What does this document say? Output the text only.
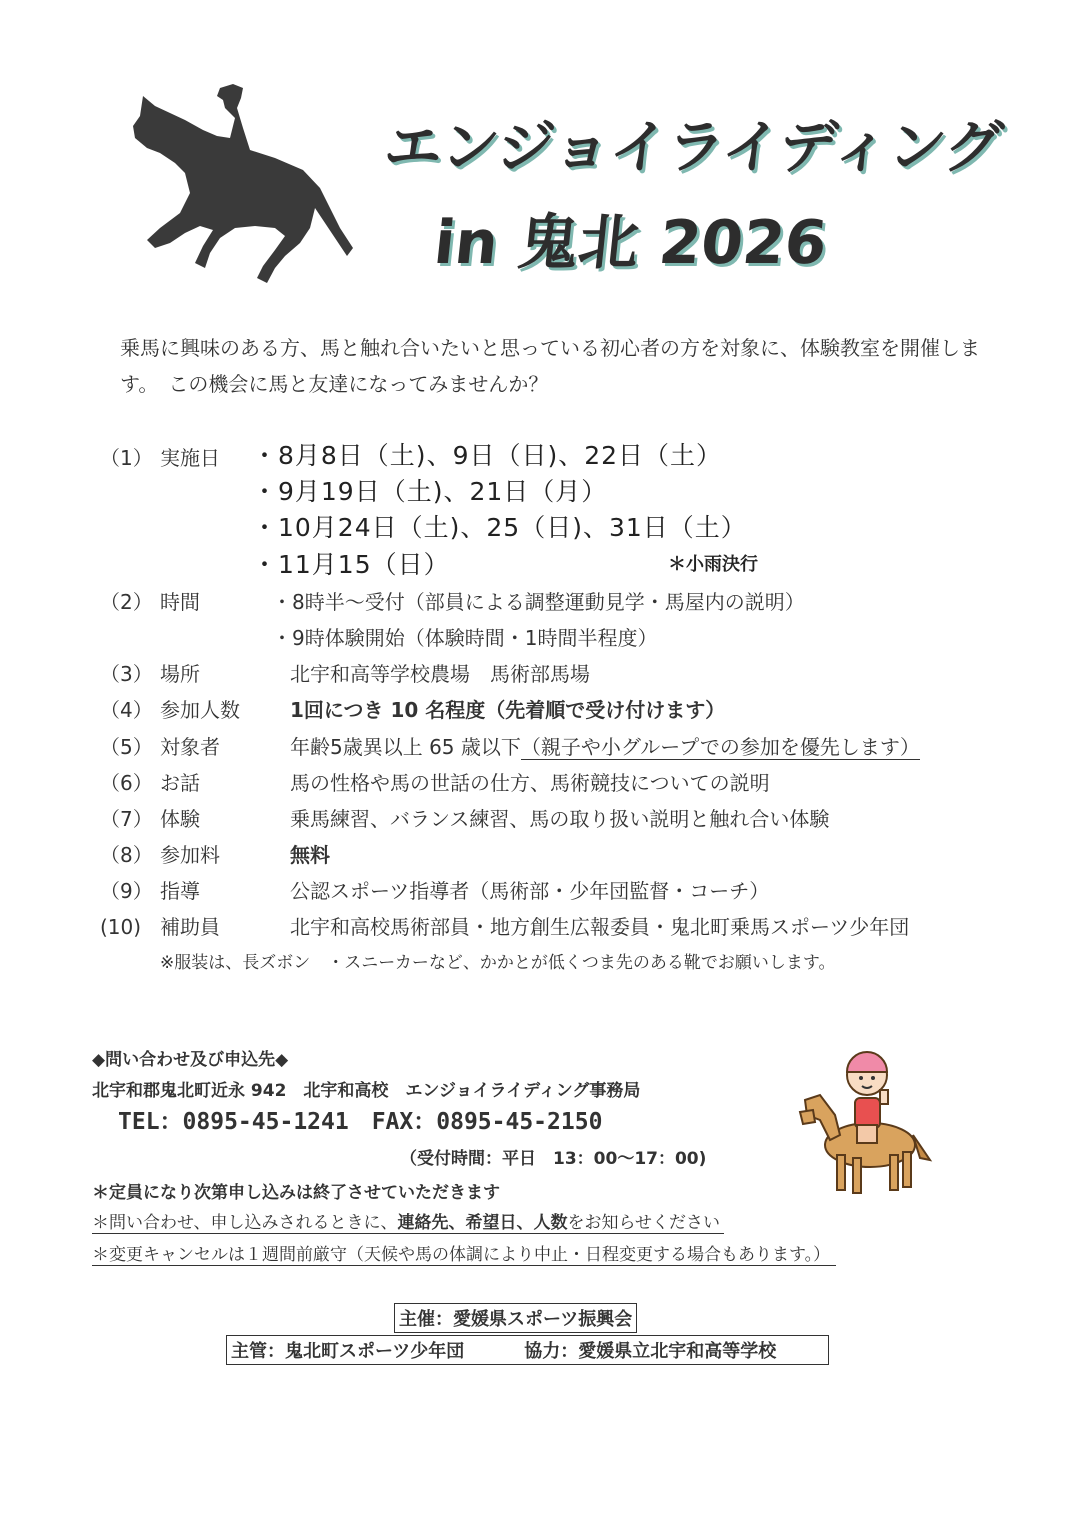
エンジョイライディング
in 鬼北 2026
乗馬に興味のある方、馬と触れ合いたいと思っている初心者の方を対象に、体験教室を開催します。　この機会に馬と友達になってみませんか？
（1） 実施日	・8月8日（土)、9日（日)、22日（土）
・9月19日（土)、21日（月）
・10月24日（土)、25（日)、31日（土）
・11月15（日）	＊小雨決行
（2） 時間	・8時半～受付（部員による調整運動見学・馬屋内の説明）
・9時体験開始（体験時間・1時間半程度）
（3） 場所	北宇和高等学校農場　馬術部馬場
（4） 参加人数	1回につき 10 名程度（先着順で受け付けます）
（5） 対象者	年齢5歳異以上 65 歳以下（親子や小グループでの参加を優先します）
（6） お話	馬の性格や馬の世話の仕方、馬術競技についての説明
（7） 体験	乗馬練習、バランス練習、馬の取り扱い説明と触れ合い体験
（8） 参加料	無料
（9） 指導	公認スポーツ指導者（馬術部・少年団監督・コーチ）
(10) 補助員	北宇和高校馬術部員・地方創生広報委員・鬼北町乗馬スポーツ少年団
※服装は、長ズボン　・スニーカーなど、かかとが低くつま先のある靴でお願いします。
◆問い合わせ及び申込先◆
北宇和郡鬼北町近永 942　北宇和高校　エンジョイライディング事務局
TEL：0895-45-1241　FAX：0895-45-2150
（受付時間：平日　13：00～17：00)
＊定員になり次第申し込みは終了させていただきます
＊問い合わせ、申し込みされるときに、連絡先、希望日、人数をお知らせください
＊変更キャンセルは１週間前厳守（天候や馬の体調により中止・日程変更する場合もあります。）
主催：愛媛県スポーツ振興会
主管：鬼北町スポーツ少年団	協力：愛媛県立北宇和高等学校
